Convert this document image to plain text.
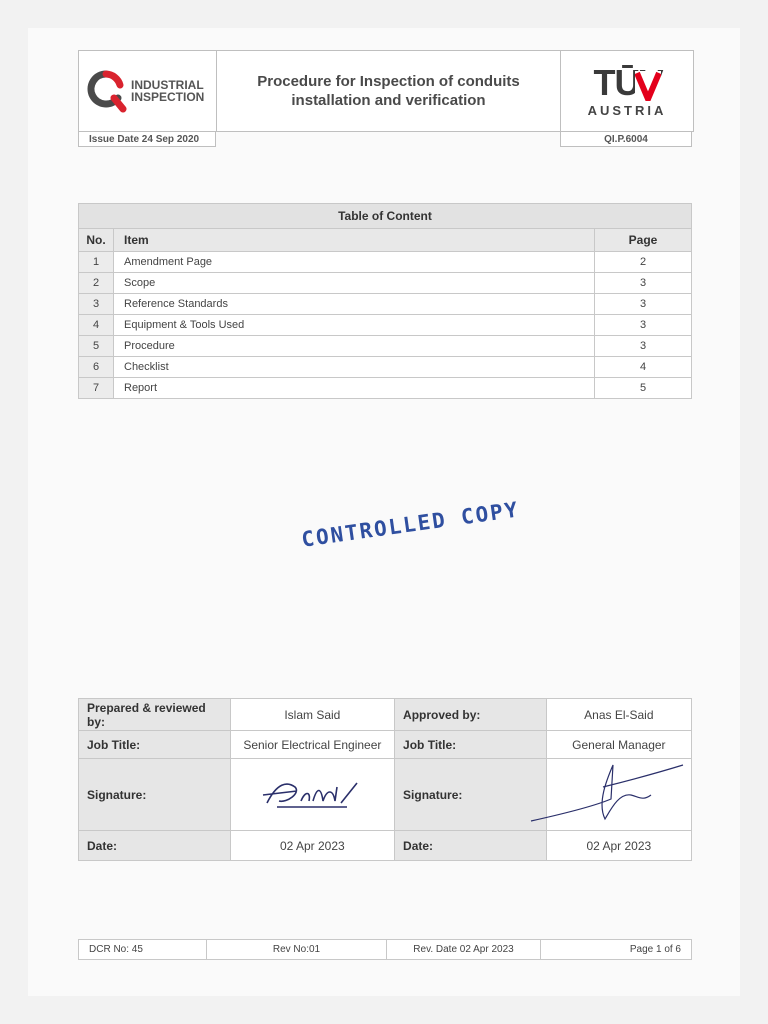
INDUSTRIAL
INSPECTION
Procedure for Inspection of conduits
installation and verification	TŪV
AUSTRIA
Issue Date 24 Sep 2020	QI.P.6004
Table of Content		
No.	Item	Page
1	Amendment Page	2
2	Scope	3
3	Reference Standards	3
4	Equipment & Tools Used	3
5	Procedure	3
6	Checklist	4
7	Report	5
CONTROLLED COPY
Prepared & reviewed by:	Islam Said	Approved by:	Anas El-Said
Job Title:	Senior Electrical Engineer	Job Title:	General Manager
Signature:		Signature:	

Date:	02 Apr 2023	Date:	02 Apr 2023
DCR No: 45	Rev No:01	Rev. Date 02 Apr 2023	Page 1 of 6
